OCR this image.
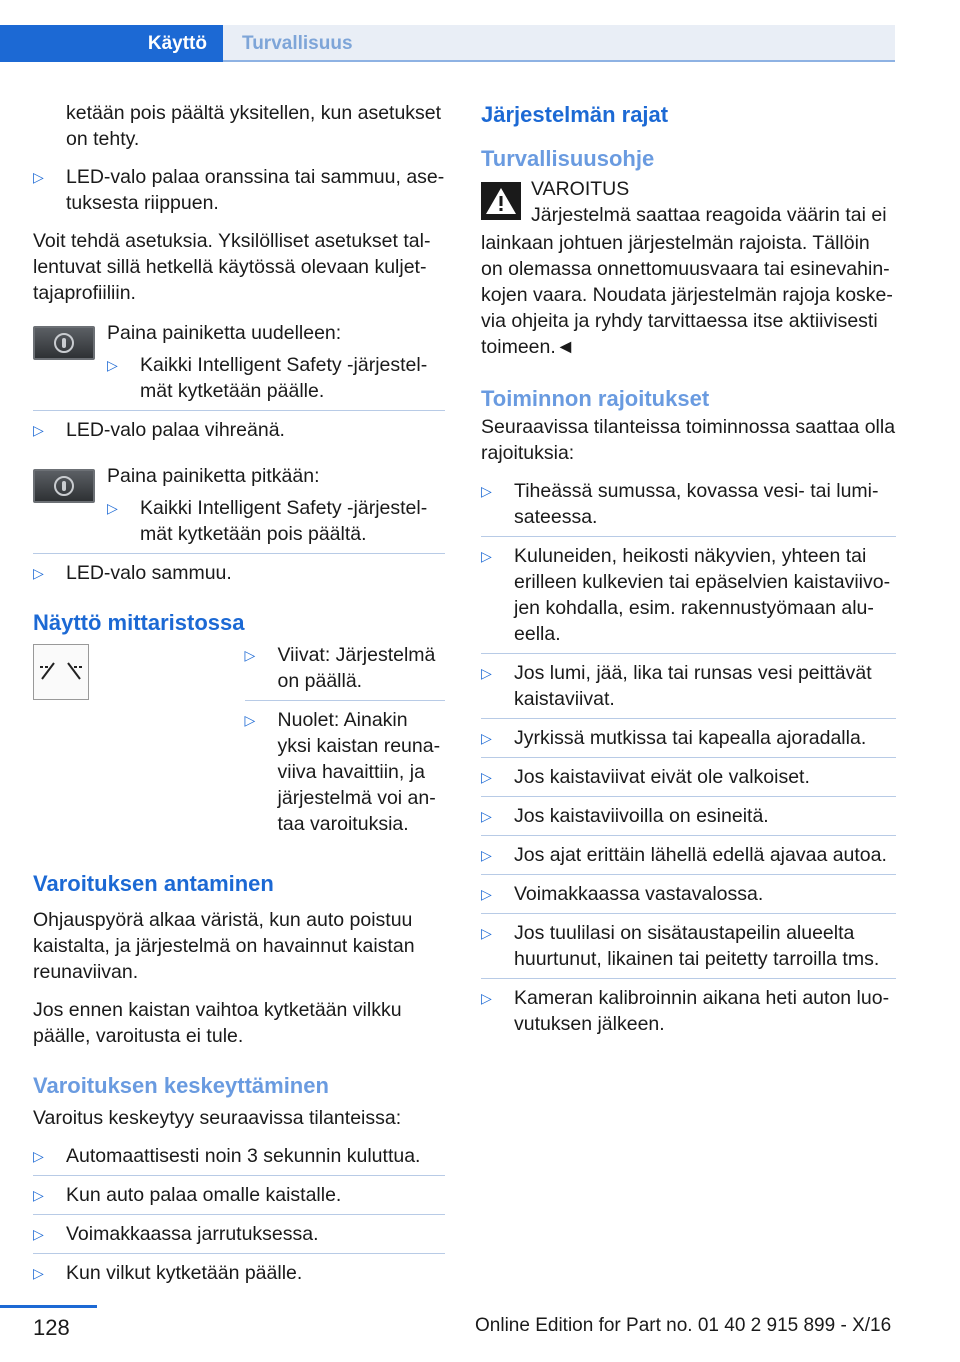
Käyttö Turvallisuus

ketään pois päältä yksitellen, kun asetukset on tehty.

▷ LED-valo palaa oranssina tai sammuu, asetuksesta riippuen.

Voit tehdä asetuksia. Yksilölliset asetukset tallentuvat sillä hetkellä käytössä olevaan kuljettajaprofiiliin.

Paina painiketta uudelleen:

▷ Kaikki Intelligent Safety -järjestelmät kytketään päälle.
▷ LED-valo palaa vihreänä.

Paina painiketta pitkään:

▷ Kaikki Intelligent Safety -järjestelmät kytketään pois päältä.
▷ LED-valo sammuu.
Näyttö mittaristossa
▷ Viivat: Järjestelmä on päällä.
▷ Nuolet: Ainakin yksi kaistan reunaviiva havaittiin, ja järjestelmä voi antaa varoituksia.
Varoituksen antaminen

Ohjauspyörä alkaa väristä, kun auto poistuu kaistalta, ja järjestelmä on havainnut kaistan reunaviivan.

Jos ennen kaistan vaihtoa kytketään vilkku päälle, varoitusta ei tule.

Varoituksen keskeyttäminen

Varoitus keskeytyy seuraavissa tilanteissa:

▷ Automaattisesti noin 3 sekunnin kuluttua.
▷ Kun auto palaa omalle kaistalle.
▷ Voimakkaassa jarrutuksessa.
▷ Kun vilkut kytketään päälle.
Järjestelmän rajat
Turvallisuusohje
VAROITUS
Järjestelmä saattaa reagoida väärin tai ei

lainkaan johtuen järjestelmän rajoista. Tällöin on olemassa onnettomuusvaara tai esinevahinkojen vaara. Noudata järjestelmän rajoja koskevia ohjeita ja ryhdy tarvittaessa itse aktiivisesti toimeen.◄

Toiminnon rajoitukset

Seuraavissa tilanteissa toiminnossa saattaa olla rajoituksia:

▷ Tiheässä sumussa, kovassa vesi- tai lumisateessa.
▷ Kuluneiden, heikosti näkyvien, yhteen tai erilleen kulkevien tai epäselvien kaistaviivojen kohdalla, esim. rakennustyömaan alueella.
▷ Jos lumi, jää, lika tai runsas vesi peittävät kaistaviivat.
▷ Jyrkissä mutkissa tai kapealla ajoradalla.
▷ Jos kaistaviivat eivät ole valkoiset.
▷ Jos kaistaviivoilla on esineitä.
▷ Jos ajat erittäin lähellä edellä ajavaa autoa.
▷ Voimakkaassa vastavalossa.
▷ Jos tuulilasi on sisätaustapeilin alueelta huurtunut, likainen tai peitetty tarroilla tms.
▷ Kameran kalibroinnin aikana heti auton luovutuksen jälkeen.
128	Online Edition for Part no. 01 40 2 915 899 - X/16
